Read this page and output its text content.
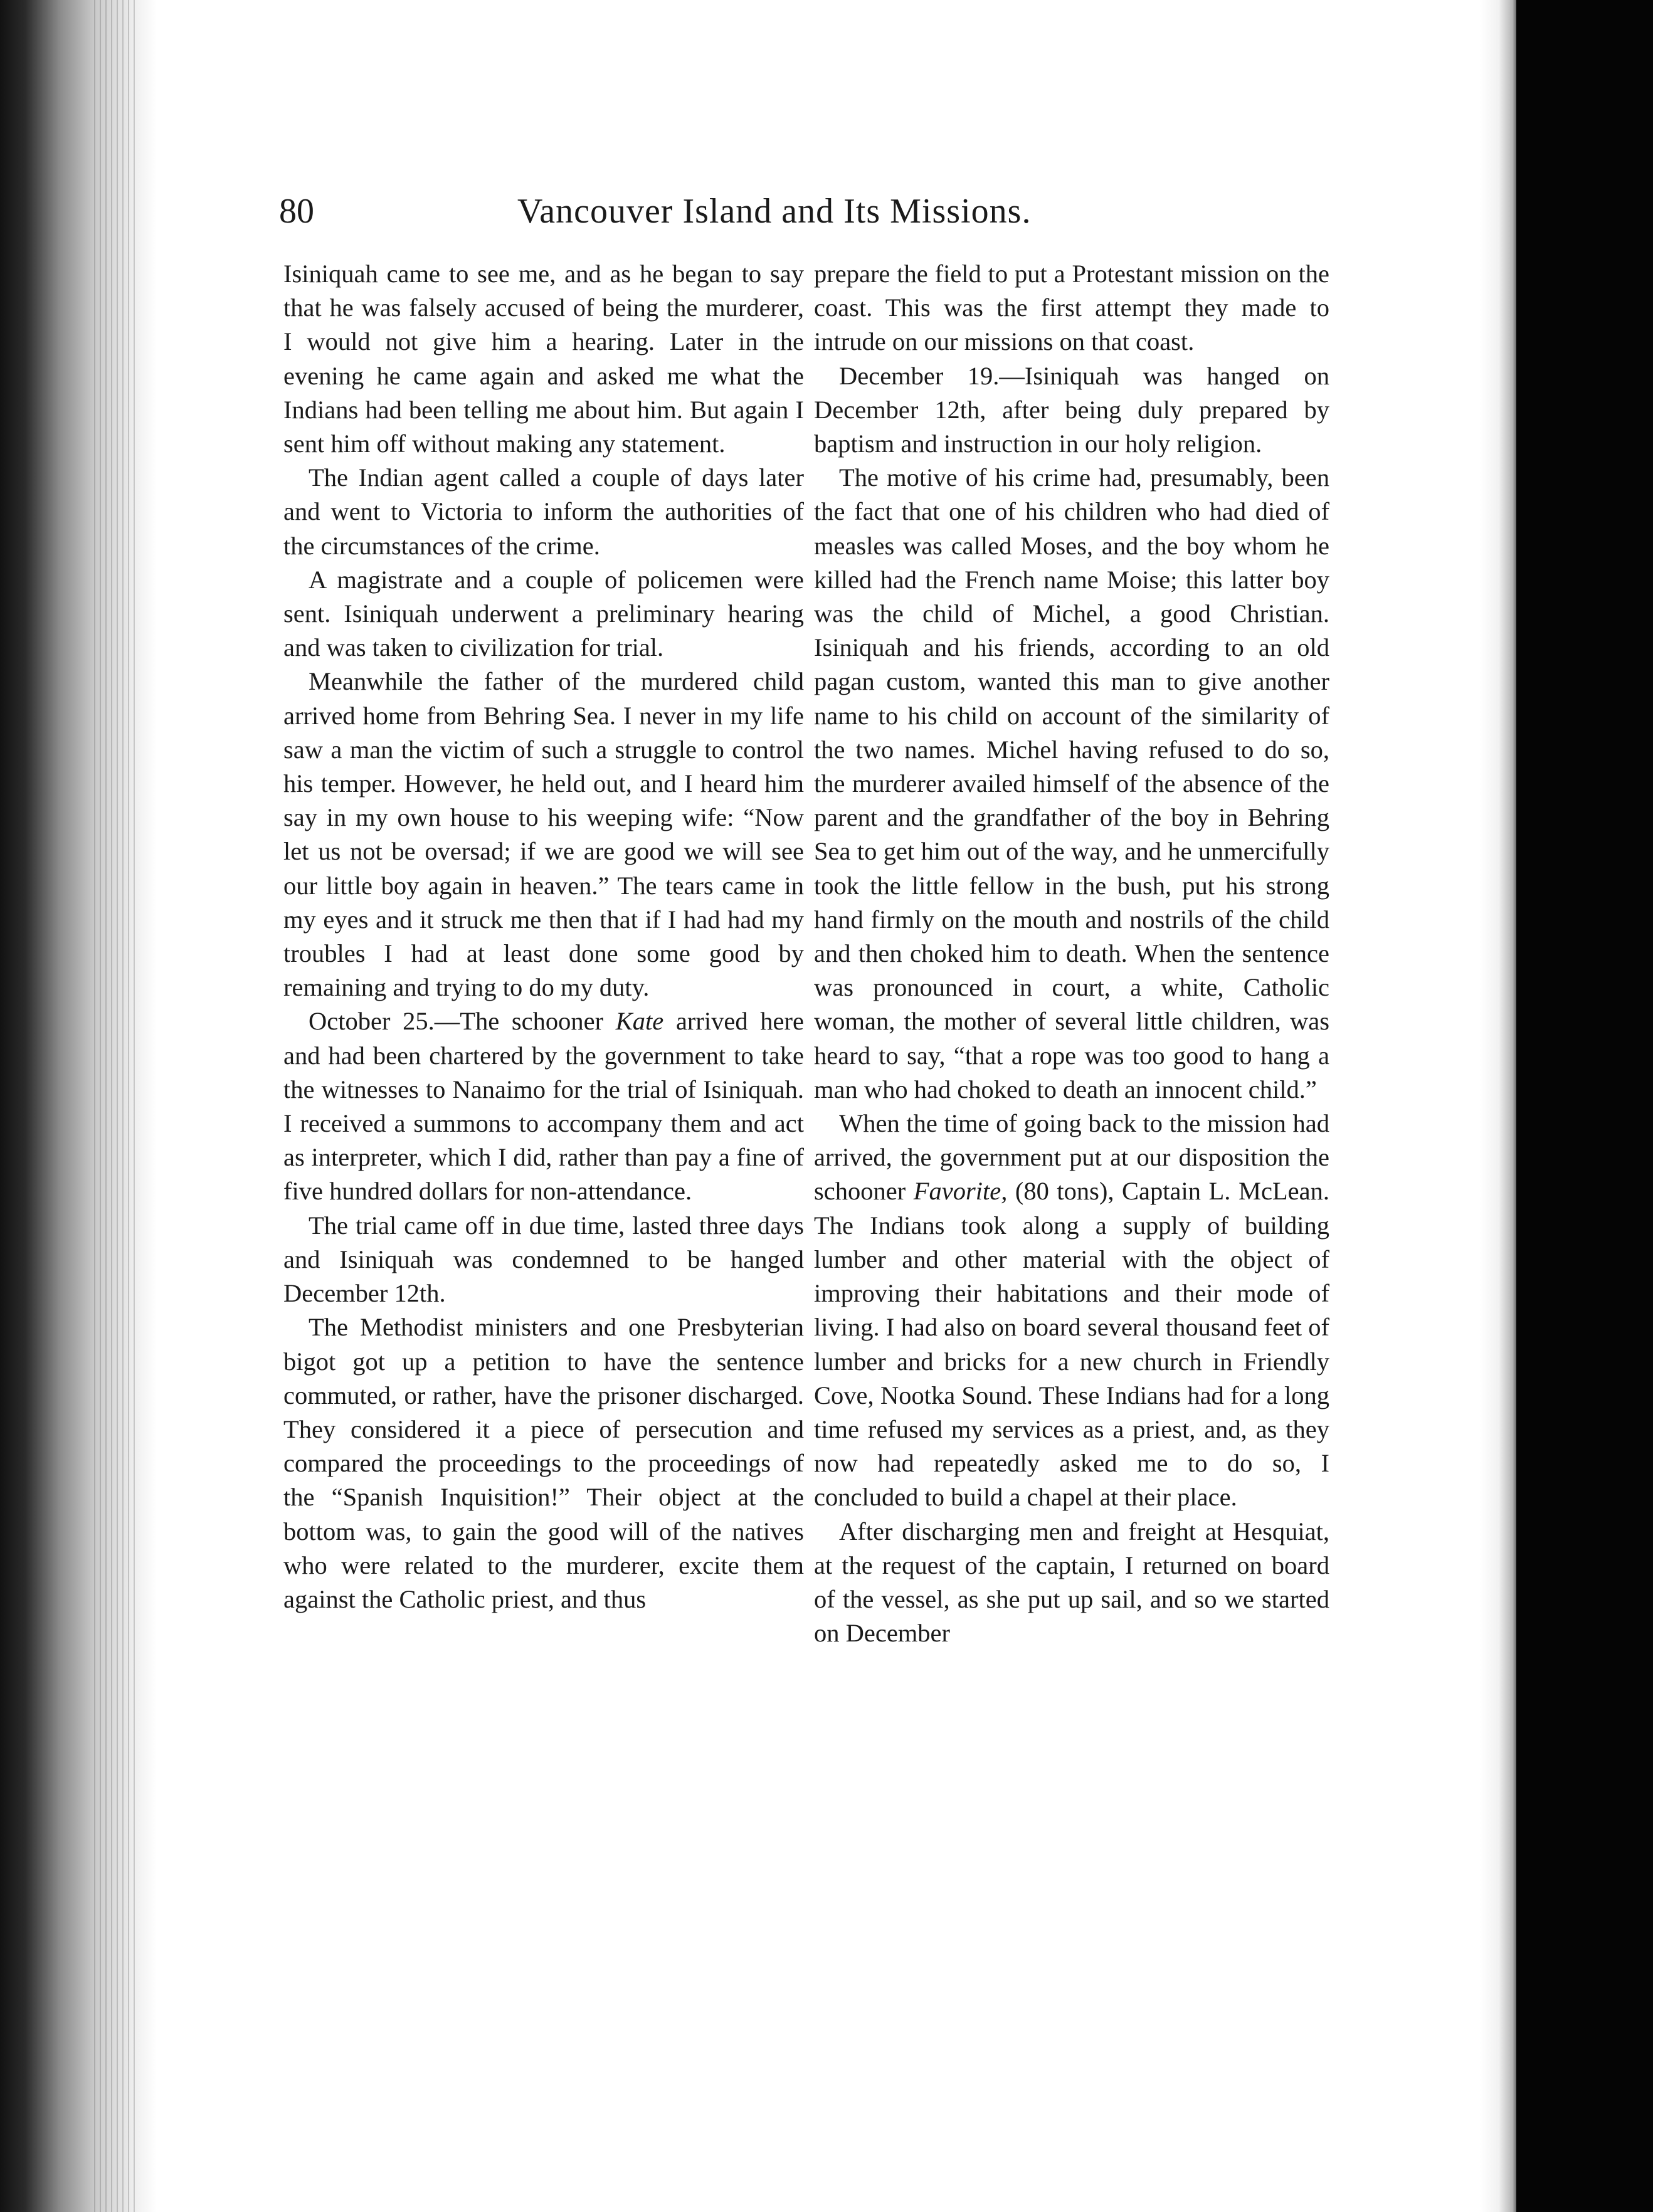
80	Vancouver Island and Its Missions.

Isiniquah came to see me, and as he began to say that he was falsely accused of being the murderer, I would not give him a hearing. Later in the evening he came again and asked me what the Indians had been telling me about him. But again I sent him off without making any statement.

The Indian agent called a couple of days later and went to Victoria to inform the authorities of the circumstances of the crime.

A magistrate and a couple of policemen were sent. Isiniquah underwent a preliminary hearing and was taken to civilization for trial.

Meanwhile the father of the murdered child arrived home from Behring Sea. I never in my life saw a man the victim of such a struggle to control his temper. However, he held out, and I heard him say in my own house to his weeping wife: “Now let us not be oversad; if we are good we will see our little boy again in heaven.” The tears came in my eyes and it struck me then that if I had had my troubles I had at least done some good by remaining and trying to do my duty.

October 25.—The schooner Kate arrived here and had been chartered by the government to take the witnesses to Nanaimo for the trial of Isiniquah. I received a summons to accompany them and act as interpreter, which I did, rather than pay a fine of five hundred dollars for non-attendance.

The trial came off in due time, lasted three days and Isiniquah was condemned to be hanged December 12th.

The Methodist ministers and one Presbyterian bigot got up a petition to have the sentence commuted, or rather, have the prisoner discharged. They considered it a piece of persecution and compared the proceedings to the proceedings of the “Spanish Inquisition!” Their object at the bottom was, to gain the good will of the natives who were related to the murderer, excite them against the Catholic priest, and thus

prepare the field to put a Protestant mission on the coast. This was the first attempt they made to intrude on our missions on that coast.

December 19.—Isiniquah was hanged on December 12th, after being duly prepared by baptism and instruction in our holy religion.

The motive of his crime had, presumably, been the fact that one of his children who had died of measles was called Moses, and the boy whom he killed had the French name Moise; this latter boy was the child of Michel, a good Christian. Isiniquah and his friends, according to an old pagan custom, wanted this man to give another name to his child on account of the similarity of the two names. Michel having refused to do so, the murderer availed himself of the absence of the parent and the grandfather of the boy in Behring Sea to get him out of the way, and he unmercifully took the little fellow in the bush, put his strong hand firmly on the mouth and nostrils of the child and then choked him to death. When the sentence was pronounced in court, a white, Catholic woman, the mother of several little children, was heard to say, “that a rope was too good to hang a man who had choked to death an innocent child.”

When the time of going back to the mission had arrived, the government put at our disposition the schooner Favorite, (80 tons), Captain L. McLean. The Indians took along a supply of building lumber and other material with the object of improving their habitations and their mode of living. I had also on board several thousand feet of lumber and bricks for a new church in Friendly Cove, Nootka Sound. These Indians had for a long time refused my services as a priest, and, as they now had repeatedly asked me to do so, I concluded to build a chapel at their place.

After discharging men and freight at Hesquiat, at the request of the captain, I returned on board of the vessel, as she put up sail, and so we started on December
